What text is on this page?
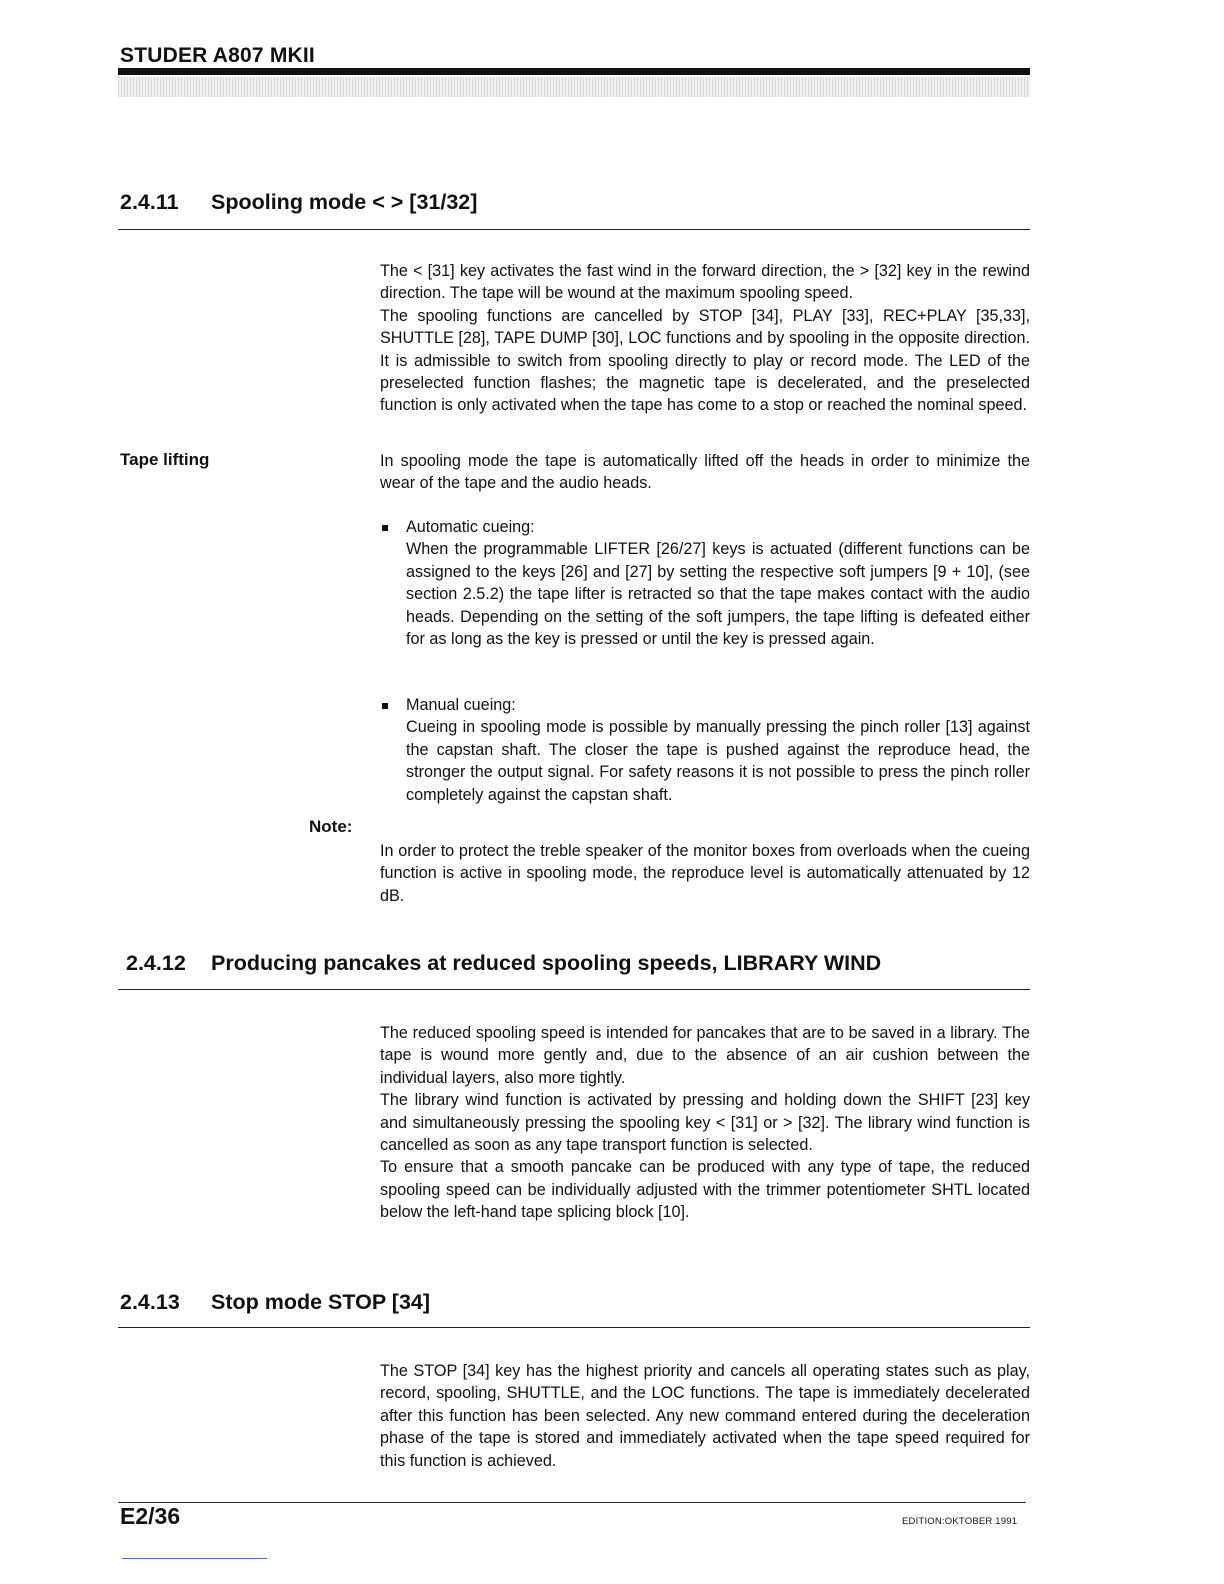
STUDER A807 MKII
2.4.11 Spooling mode < > [31/32]

The < [31] key activates the fast wind in the forward direction, the > [32] key in the rewind direction. The tape will be wound at the maximum spooling speed.

The spooling functions are cancelled by STOP [34], PLAY [33], REC+PLAY [35,33], SHUTTLE [28], TAPE DUMP [30], LOC functions and by spooling in the opposite direction. It is admissible to switch from spooling directly to play or record mode. The LED of the preselected function flashes; the magnetic tape is decelerated, and the preselected function is only activated when the tape has come to a stop or reached the nominal speed.

Tape lifting	In spooling mode the tape is automatically lifted off the heads in order to minimize the wear of the tape and the audio heads.

Automatic cueing:
When the programmable LIFTER [26/27] keys is actuated (different functions can be assigned to the keys [26] and [27] by setting the respective soft jumpers [9 + 10], (see section 2.5.2) the tape lifter is retracted so that the tape makes contact with the audio heads. Depending on the setting of the soft jumpers, the tape lifting is defeated either for as long as the key is pressed or until the key is pressed again.
Manual cueing:
Cueing in spooling mode is possible by manually pressing the pinch roller [13] against the capstan shaft. The closer the tape is pushed against the reproduce head, the stronger the output signal. For safety reasons it is not possible to press the pinch roller completely against the capstan shaft.
Note:

In order to protect the treble speaker of the monitor boxes from overloads when the cueing function is active in spooling mode, the reproduce level is automatically attenuated by 12 dB.

2.4.12 Producing pancakes at reduced spooling speeds, LIBRARY WIND

The reduced spooling speed is intended for pancakes that are to be saved in a library. The tape is wound more gently and, due to the absence of an air cushion between the individual layers, also more tightly.

The library wind function is activated by pressing and holding down the SHIFT [23] key and simultaneously pressing the spooling key < [31] or > [32]. The library wind function is cancelled as soon as any tape transport function is selected.

To ensure that a smooth pancake can be produced with any type of tape, the reduced spooling speed can be individually adjusted with the trimmer potentiometer SHTL located below the left-hand tape splicing block [10].

2.4.13 Stop mode STOP [34]

The STOP [34] key has the highest priority and cancels all operating states such as play, record, spooling, SHUTTLE, and the LOC functions. The tape is immediately decelerated after this function has been selected. Any new command entered during the deceleration phase of the tape is stored and immediately activated when the tape speed required for this function is achieved.

E2/36	EDITION:OKTOBER 1991
